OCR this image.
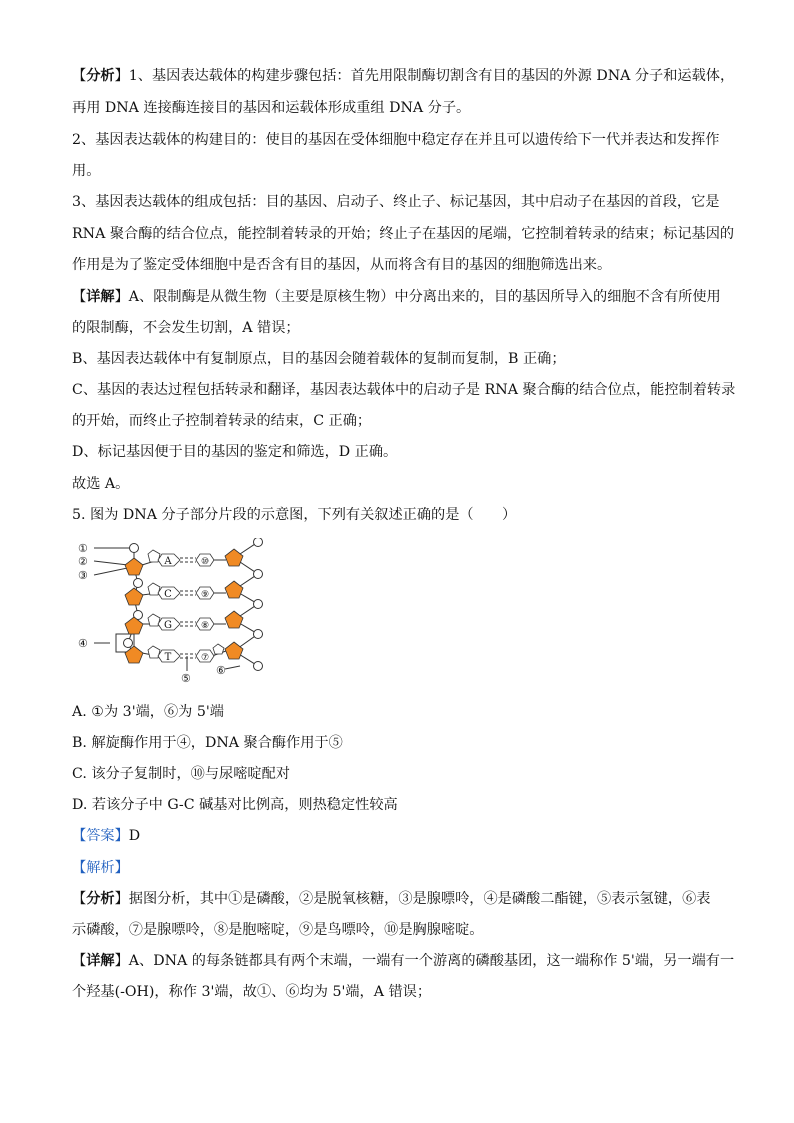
【分析】1、基因表达载体的构建步骤包括：首先用限制酶切割含有目的基因的外源 DNA 分子和运载体，
再用 DNA 连接酶连接目的基因和运载体形成重组 DNA 分子。
2、基因表达载体的构建目的：使目的基因在受体细胞中稳定存在并且可以遗传给下一代并表达和发挥作
用。
3、基因表达载体的组成包括：目的基因、启动子、终止子、标记基因，其中启动子在基因的首段，它是
RNA 聚合酶的结合位点，能控制着转录的开始；终止子在基因的尾端，它控制着转录的结束；标记基因的
作用是为了鉴定受体细胞中是否含有目的基因，从而将含有目的基因的细胞筛选出来。
【详解】A、限制酶是从微生物（主要是原核生物）中分离出来的，目的基因所导入的细胞不含有所使用
的限制酶，不会发生切割，A 错误；
B、基因表达载体中有复制原点，目的基因会随着载体的复制而复制，B 正确；
C、基因的表达过程包括转录和翻译，基因表达载体中的启动子是 RNA 聚合酶的结合位点，能控制着转录
的开始，而终止子控制着转录的结束，C 正确；
D、标记基因便于目的基因的鉴定和筛选，D 正确。
故选 A。
5. 图为 DNA 分子部分片段的示意图，下列有关叙述正确的是（　　）
A
C
G
T
⑩
⑨
⑧
⑦
①
②
③
④
⑤
⑥
A. ①为 3'端，⑥为 5'端
B. 解旋酶作用于④，DNA 聚合酶作用于⑤
C. 该分子复制时，⑩与尿嘧啶配对
D. 若该分子中 G-C 碱基对比例高，则热稳定性较高
【答案】D
【解析】
【分析】据图分析，其中①是磷酸，②是脱氧核糖，③是腺嘌呤，④是磷酸二酯键，⑤表示氢键，⑥表
示磷酸，⑦是腺嘌呤，⑧是胞嘧啶，⑨是鸟嘌呤，⑩是胸腺嘧啶。
【详解】A、DNA 的每条链都具有两个末端，一端有一个游离的磷酸基团，这一端称作 5'端，另一端有一
个羟基(-OH)，称作 3'端，故①、⑥均为 5'端，A 错误；
